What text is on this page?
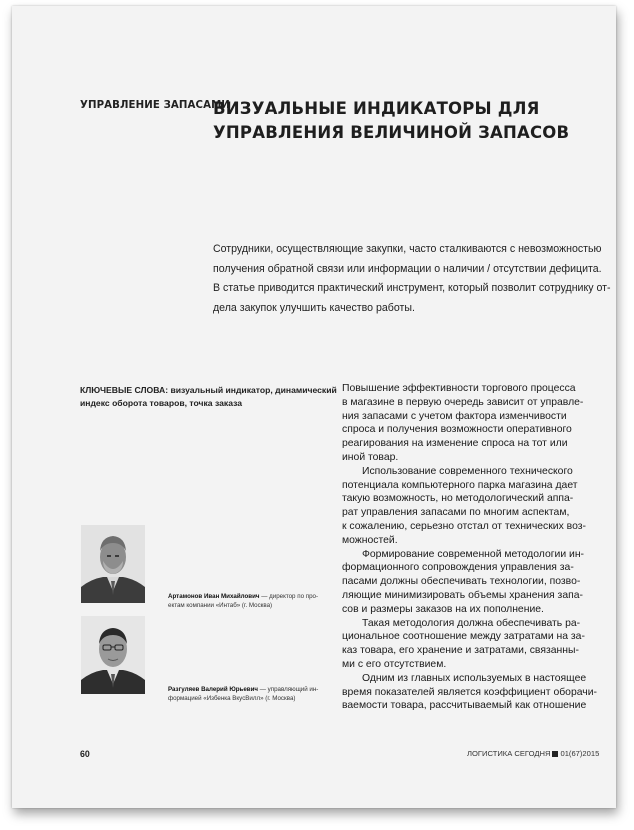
УПРАВЛЕНИЕ ЗАПАСАМИ
ВИЗУАЛЬНЫЕ ИНДИКАТОРЫ ДЛЯ
УПРАВЛЕНИЯ ВЕЛИЧИНОЙ ЗАПАСОВ
Сотрудники, осуществляющие закупки, часто сталкиваются с невозможностью
получения обратной связи или информации о наличии / отсутствии дефицита.
В статье приводится практический инструмент, который позволит сотруднику от-
дела закупок улучшить качество работы.
КЛЮЧЕВЫЕ СЛОВА: визуальный индикатор, динамический
индекс оборота товаров, точка заказа
Повышение эффективности торгового процесса
в магазине в первую очередь зависит от управле-
ния запасами с учетом фактора изменчивости
спроса и получения возможности оперативного
реагирования на изменение спроса на тот или
иной товар.
Использование современного технического
потенциала компьютерного парка магазина дает
такую возможность, но методологический аппа-
рат управления запасами по многим аспектам,
к сожалению, серьезно отстал от технических воз-
можностей.
Формирование современной методологии ин-
формационного сопровождения управления за-
пасами должны обеспечивать технологии, позво-
ляющие минимизировать объемы хранения запа-
сов и размеры заказов на их пополнение.
Такая методология должна обеспечивать ра-
циональное соотношение между затратами на за-
каз товара, его хранение и затратами, связанны-
ми с его отсутствием.
Одним из главных используемых в настоящее
время показателей является коэффициент оборачи-
ваемости товара, рассчитываемый как отношение
Артамонов Иван Михайлович — директор по про-
ектам компании «Интаб» (г. Москва)
Разгуляев Валерий Юрьевич — управляющий ин-
формацией «Избенка ВкусВилл» (г. Москва)
60	ЛОГИСТИКА СЕГОДНЯ 01(67)2015
